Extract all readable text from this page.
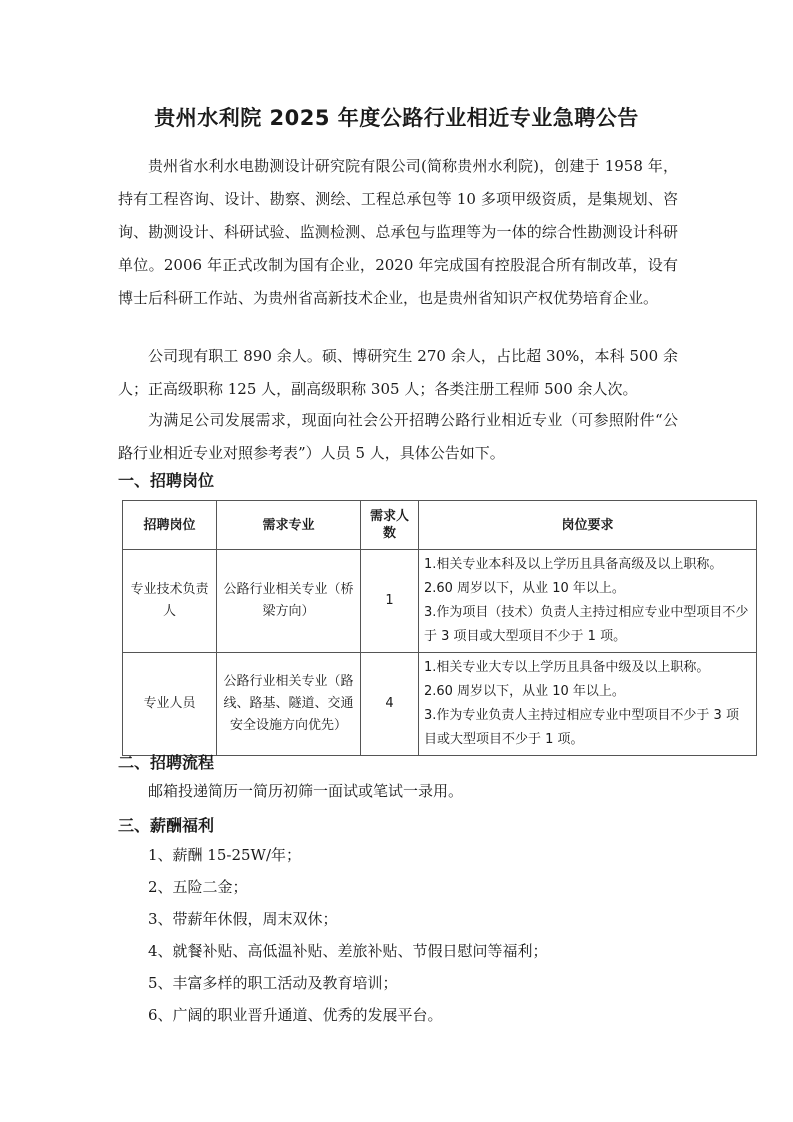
贵州水利院 2025 年度公路行业相近专业急聘公告
贵州省水利水电勘测设计研究院有限公司(简称贵州水利院)，创建于 1958 年，持有工程咨询、设计、勘察、测绘、工程总承包等 10 多项甲级资质，是集规划、咨询、勘测设计、科研试验、监测检测、总承包与监理等为一体的综合性勘测设计科研单位。2006 年正式改制为国有企业，2020 年完成国有控股混合所有制改革，设有博士后科研工作站、为贵州省高新技术企业，也是贵州省知识产权优势培育企业。
公司现有职工 890 余人。硕、博研究生 270 余人，占比超 30%，本科 500 余人；正高级职称 125 人，副高级职称 305 人；各类注册工程师 500 余人次。
为满足公司发展需求，现面向社会公开招聘公路行业相近专业（可参照附件“公路行业相近专业对照参考表”）人员 5 人，具体公告如下。
一、招聘岗位
招聘岗位	需求专业	需求人数	岗位要求
专业技术负责人	公路行业相关专业（桥梁方向）	1	1.相关专业本科及以上学历且具备高级及以上职称。
2.60 周岁以下，从业 10 年以上。
3.作为项目（技术）负责人主持过相应专业中型项目不少于 3 项目或大型项目不少于 1 项。

专业人员	公路行业相关专业（路线、路基、隧道、交通安全设施方向优先）	4	1.相关专业大专以上学历且具备中级及以上职称。
2.60 周岁以下，从业 10 年以上。
3.作为专业负责人主持过相应专业中型项目不少于 3 项目或大型项目不少于 1 项。
二、招聘流程
邮箱投递简历一简历初筛一面试或笔试一录用。
三、薪酬福利
1、薪酬 15-25W/年；
2、五险二金；
3、带薪年休假，周末双休；
4、就餐补贴、高低温补贴、差旅补贴、节假日慰问等福利；
5、丰富多样的职工活动及教育培训；
6、广阔的职业晋升通道、优秀的发展平台。
